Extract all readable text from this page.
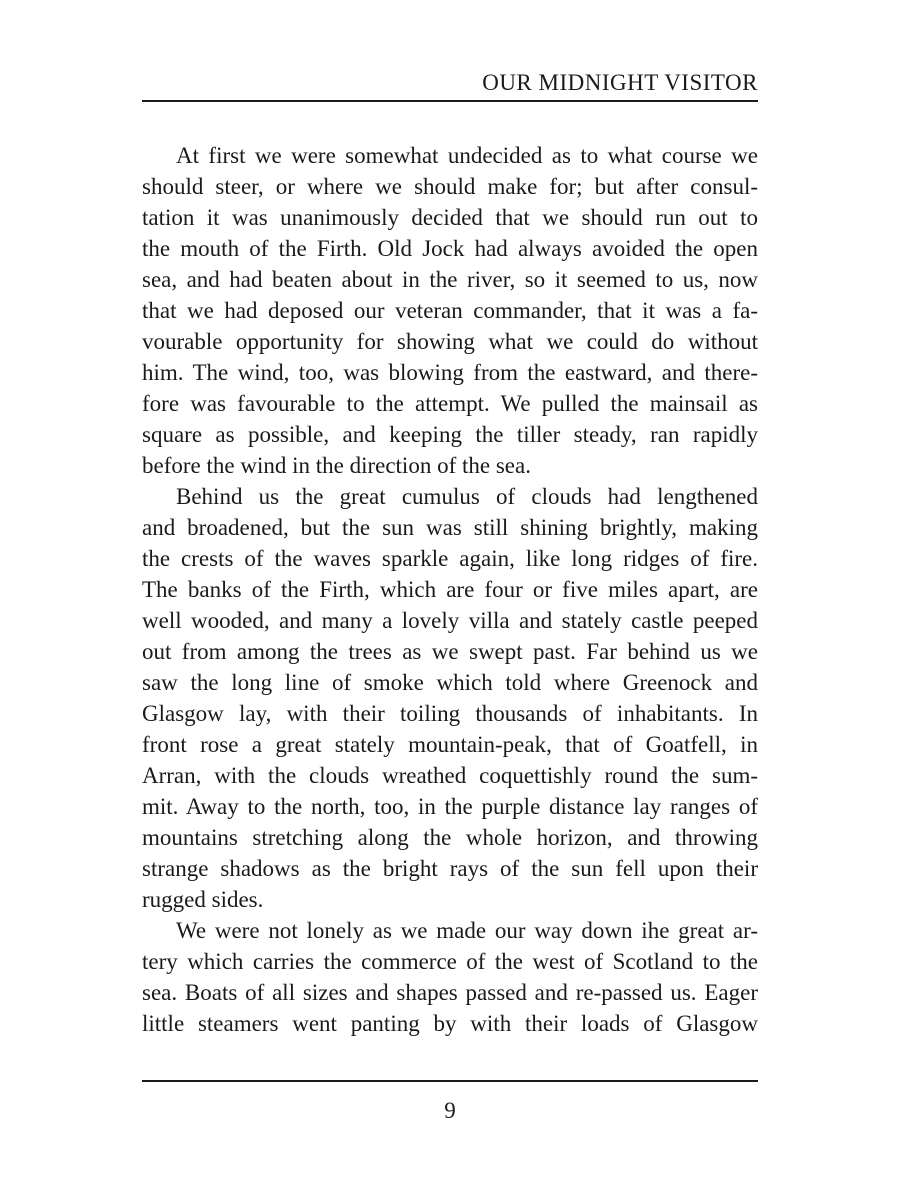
OUR MIDNIGHT VISITOR
At first we were somewhat undecided as to what course we
should steer, or where we should make for; but after consul-
tation it was unanimously decided that we should run out to
the mouth of the Firth. Old Jock had always avoided the open
sea, and had beaten about in the river, so it seemed to us, now
that we had deposed our veteran commander, that it was a fa-
vourable opportunity for showing what we could do without
him. The wind, too, was blowing from the eastward, and there-
fore was favourable to the attempt. We pulled the mainsail as
square as possible, and keeping the tiller steady, ran rapidly
before the wind in the direction of the sea.
Behind us the great cumulus of clouds had lengthened
and broadened, but the sun was still shining brightly, making
the crests of the waves sparkle again, like long ridges of fire.
The banks of the Firth, which are four or five miles apart, are
well wooded, and many a lovely villa and stately castle peeped
out from among the trees as we swept past. Far behind us we
saw the long line of smoke which told where Greenock and
Glasgow lay, with their toiling thousands of inhabitants. In
front rose a great stately mountain-peak, that of Goatfell, in
Arran, with the clouds wreathed coquettishly round the sum-
mit. Away to the north, too, in the purple distance lay ranges of
mountains stretching along the whole horizon, and throwing
strange shadows as the bright rays of the sun fell upon their
rugged sides.
We were not lonely as we made our way down ihe great ar-
tery which carries the commerce of the west of Scotland to the
sea. Boats of all sizes and shapes passed and re-passed us. Eager
little steamers went panting by with their loads of Glasgow
9
